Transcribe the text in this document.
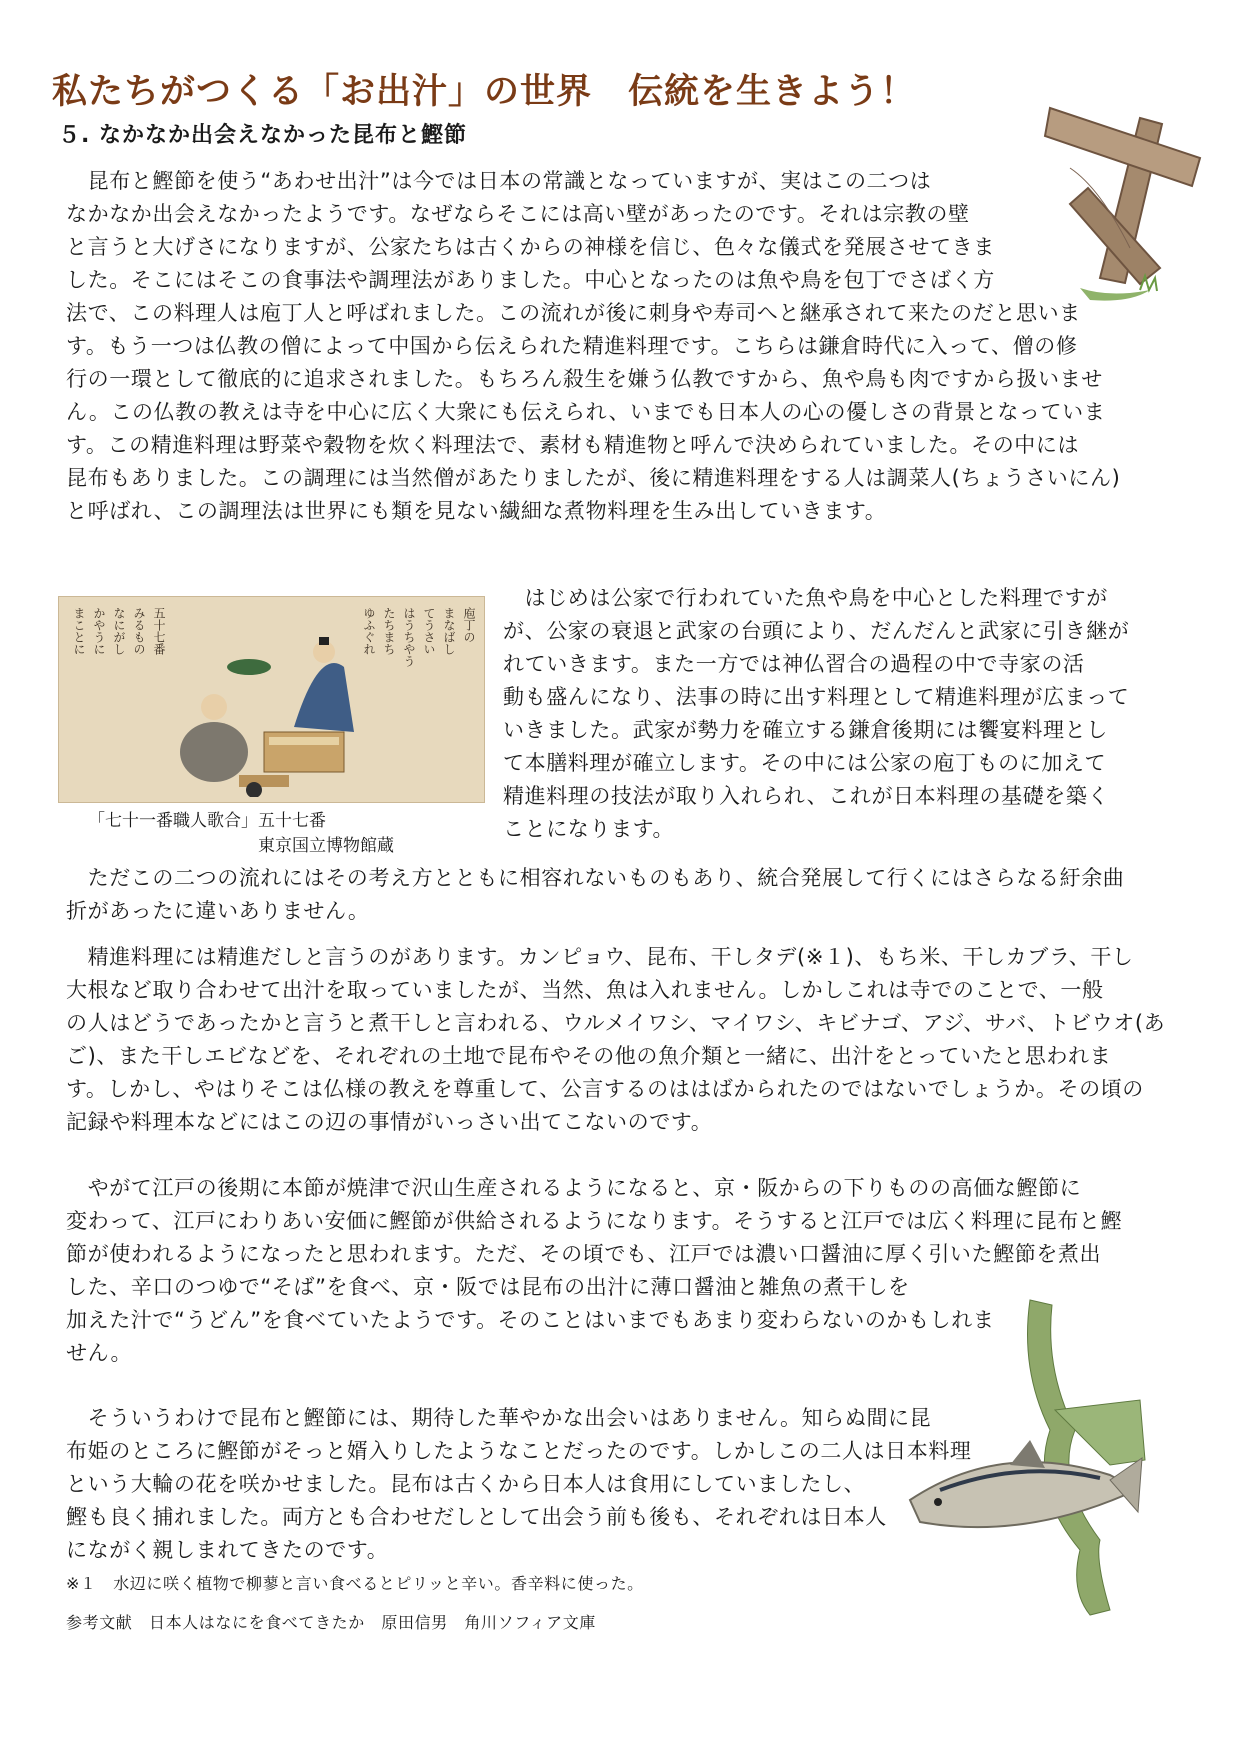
私たちがつくる「お出汁」の世界　伝統を生きよう！
５. なかなか出会えなかった昆布と鰹節
　昆布と鰹節を使う“あわせ出汁”は今では日本の常識となっていますが、実はこの二つは
なかなか出会えなかったようです。なぜならそこには高い壁があったのです。それは宗教の壁
と言うと大げさになりますが、公家たちは古くからの神様を信じ、色々な儀式を発展させてきま
した。そこにはそこの食事法や調理法がありました。中心となったのは魚や鳥を包丁でさばく方
法で、この料理人は庖丁人と呼ばれました。この流れが後に刺身や寿司へと継承されて来たのだと思いま
す。もう一つは仏教の僧によって中国から伝えられた精進料理です。こちらは鎌倉時代に入って、僧の修
行の一環として徹底的に追求されました。もちろん殺生を嫌う仏教ですから、魚や鳥も肉ですから扱いませ
ん。この仏教の教えは寺を中心に広く大衆にも伝えられ、いまでも日本人の心の優しさの背景となっていま
す。この精進料理は野菜や穀物を炊く料理法で、素材も精進物と呼んで決められていました。その中には
昆布もありました。この調理には当然僧があたりましたが、後に精進料理をする人は調菜人(ちょうさいにん)
と呼ばれ、この調理法は世界にも類を見ない繊細な煮物料理を生み出していきます。
五十七番
みるもの
なにがし
かやうに
まことに	庖丁の
まなばし
てうさい
はうちやう
たちまち
ゆふぐれ
「七十一番職人歌合」五十七番
東京国立博物館蔵
　はじめは公家で行われていた魚や鳥を中心とした料理ですが
が、公家の衰退と武家の台頭により、だんだんと武家に引き継が
れていきます。また一方では神仏習合の過程の中で寺家の活
動も盛んになり、法事の時に出す料理として精進料理が広まって
いきました。武家が勢力を確立する鎌倉後期には饗宴料理とし
て本膳料理が確立します。その中には公家の庖丁ものに加えて
精進料理の技法が取り入れられ、これが日本料理の基礎を築く
ことになります。
　ただこの二つの流れにはその考え方とともに相容れないものもあり、統合発展して行くにはさらなる紆余曲
折があったに違いありません。
　精進料理には精進だしと言うのがあります。カンピョウ、昆布、干しタデ(※１)、もち米、干しカブラ、干し
大根など取り合わせて出汁を取っていましたが、当然、魚は入れません。しかしこれは寺でのことで、一般
の人はどうであったかと言うと煮干しと言われる、ウルメイワシ、マイワシ、キビナゴ、アジ、サバ、トビウオ(あ
ご)、また干しエビなどを、それぞれの土地で昆布やその他の魚介類と一緒に、出汁をとっていたと思われま
す。しかし、やはりそこは仏様の教えを尊重して、公言するのははばかられたのではないでしょうか。その頃の
記録や料理本などにはこの辺の事情がいっさい出てこないのです。
　やがて江戸の後期に本節が焼津で沢山生産されるようになると、京・阪からの下りものの高価な鰹節に
変わって、江戸にわりあい安価に鰹節が供給されるようになります。そうすると江戸では広く料理に昆布と鰹
節が使われるようになったと思われます。ただ、その頃でも、江戸では濃い口醤油に厚く引いた鰹節を煮出
した、辛口のつゆで“そば”を食べ、京・阪では昆布の出汁に薄口醤油と雑魚の煮干しを
加えた汁で“うどん”を食べていたようです。そのことはいまでもあまり変わらないのかもしれま
せん。
　そういうわけで昆布と鰹節には、期待した華やかな出会いはありません。知らぬ間に昆
布姫のところに鰹節がそっと婿入りしたようなことだったのです。しかしこの二人は日本料理
という大輪の花を咲かせました。昆布は古くから日本人は食用にしていましたし、
鰹も良く捕れました。両方とも合わせだしとして出会う前も後も、それぞれは日本人
にながく親しまれてきたのです。
※１　水辺に咲く植物で柳蓼と言い食べるとピリッと辛い。香辛料に使った。
参考文献　日本人はなにを食べてきたか　原田信男　角川ソフィア文庫
